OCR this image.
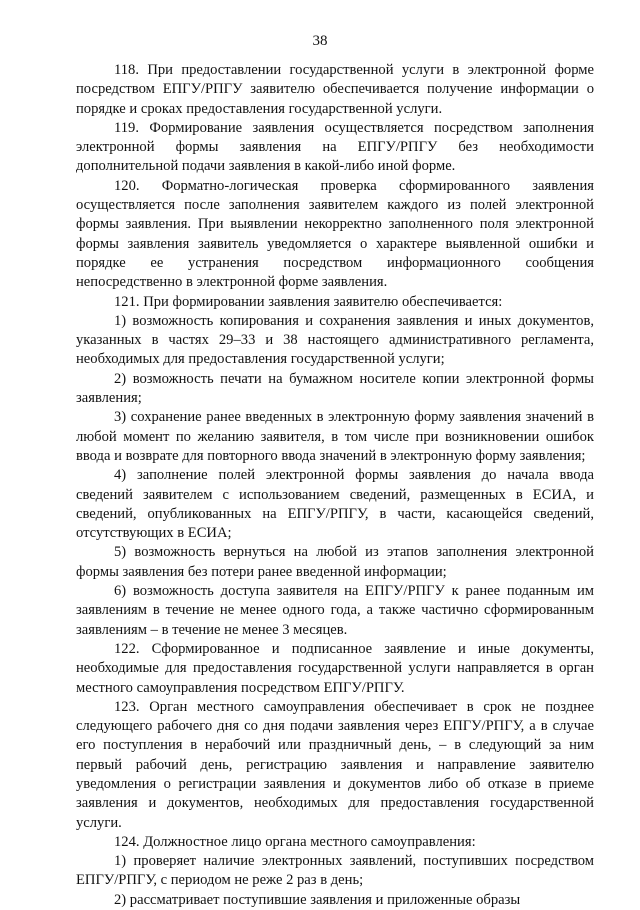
38

118. При предоставлении государственной услуги в электронной форме посредством ЕПГУ/РПГУ заявителю обеспечивается получение информации о порядке и сроках предоставления государственной услуги.

119. Формирование заявления осуществляется посредством заполнения электронной формы заявления на ЕПГУ/РПГУ без необходимости дополнительной подачи заявления в какой-либо иной форме.

120. Форматно-логическая проверка сформированного заявления осуществляется после заполнения заявителем каждого из полей электронной формы заявления. При выявлении некорректно заполненного поля электронной формы заявления заявитель уведомляется о характере выявленной ошибки и порядке ее устранения посредством информационного сообщения непосредственно в электронной форме заявления.

121. При формировании заявления заявителю обеспечивается:

1) возможность копирования и сохранения заявления и иных документов, указанных в частях 29–33 и 38 настоящего административного регламента, необходимых для предоставления государственной услуги;

2) возможность печати на бумажном носителе копии электронной формы заявления;

3) сохранение ранее введенных в электронную форму заявления значений в любой момент по желанию заявителя, в том числе при возникновении ошибок ввода и возврате для повторного ввода значений в электронную форму заявления;

4) заполнение полей электронной формы заявления до начала ввода сведений заявителем с использованием сведений, размещенных в ЕСИА, и сведений, опубликованных на ЕПГУ/РПГУ, в части, касающейся сведений, отсутствующих в ЕСИА;

5) возможность вернуться на любой из этапов заполнения электронной формы заявления без потери ранее введенной информации;

6) возможность доступа заявителя на ЕПГУ/РПГУ к ранее поданным им заявлениям в течение не менее одного года, а также частично сформированным заявлениям – в течение не менее 3 месяцев.

122. Сформированное и подписанное заявление и иные документы, необходимые для предоставления государственной услуги направляется в орган местного самоуправления посредством ЕПГУ/РПГУ.

123. Орган местного самоуправления обеспечивает в срок не позднее следующего рабочего дня со дня подачи заявления через ЕПГУ/РПГУ, а в случае его поступления в нерабочий или праздничный день, – в следующий за ним первый рабочий день, регистрацию заявления и направление заявителю уведомления о регистрации заявления и документов либо об отказе в приеме заявления и документов, необходимых для предоставления государственной услуги.

124. Должностное лицо органа местного самоуправления:

1) проверяет наличие электронных заявлений, поступивших посредством ЕПГУ/РПГУ, с периодом не реже 2 раз в день;

2) рассматривает поступившие заявления и приложенные образы
